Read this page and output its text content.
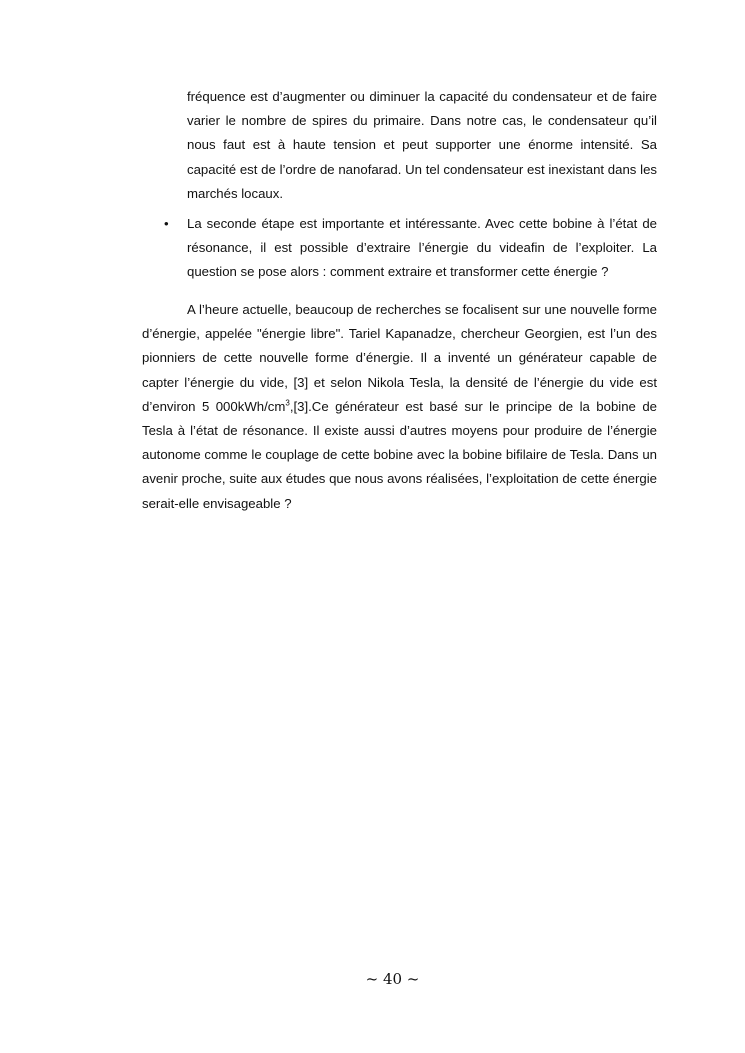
fréquence est d’augmenter ou diminuer la capacité du condensateur et de faire varier le nombre de spires du primaire. Dans notre cas, le condensateur qu’il nous faut est à haute tension et peut supporter une énorme intensité. Sa capacité est de l’ordre de nanofarad. Un tel condensateur est inexistant dans les marchés locaux.

• La seconde étape est importante et intéressante. Avec cette bobine à l’état de résonance, il est possible d’extraire l’énergie du videafin de l’exploiter. La question se pose alors : comment extraire et transformer cette énergie ?

A l’heure actuelle, beaucoup de recherches se focalisent sur une nouvelle forme d’énergie, appelée "énergie libre". Tariel Kapanadze, chercheur Georgien, est l’un des pionniers de cette nouvelle forme d’énergie. Il a inventé un générateur capable de capter l’énergie du vide, [3] et selon Nikola Tesla, la densité de l’énergie du vide est d’environ 5 $000kWh/cm^3,[3].Ce$ générateur est basé sur le principe de la bobine de Tesla à l’état de résonance. Il existe aussi d’autres moyens pour produire de l’énergie autonome comme le couplage de cette bobine avec la bobine bifilaire de Tesla. Dans un avenir proche, suite aux études que nous avons réalisées, l’exploitation de cette énergie serait-elle envisageable ?

~ 40 ~
